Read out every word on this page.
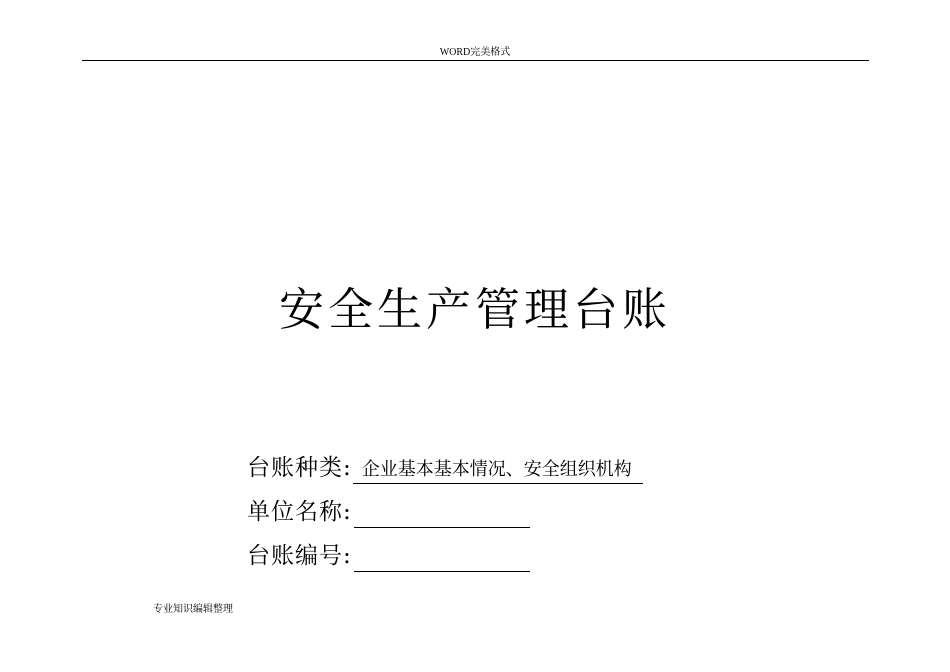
WORD完美格式
安全生产管理台账
台账种类: 企业基本基本情况、安全组织机构
单位名称:
台账编号:
专业知识编辑整理
